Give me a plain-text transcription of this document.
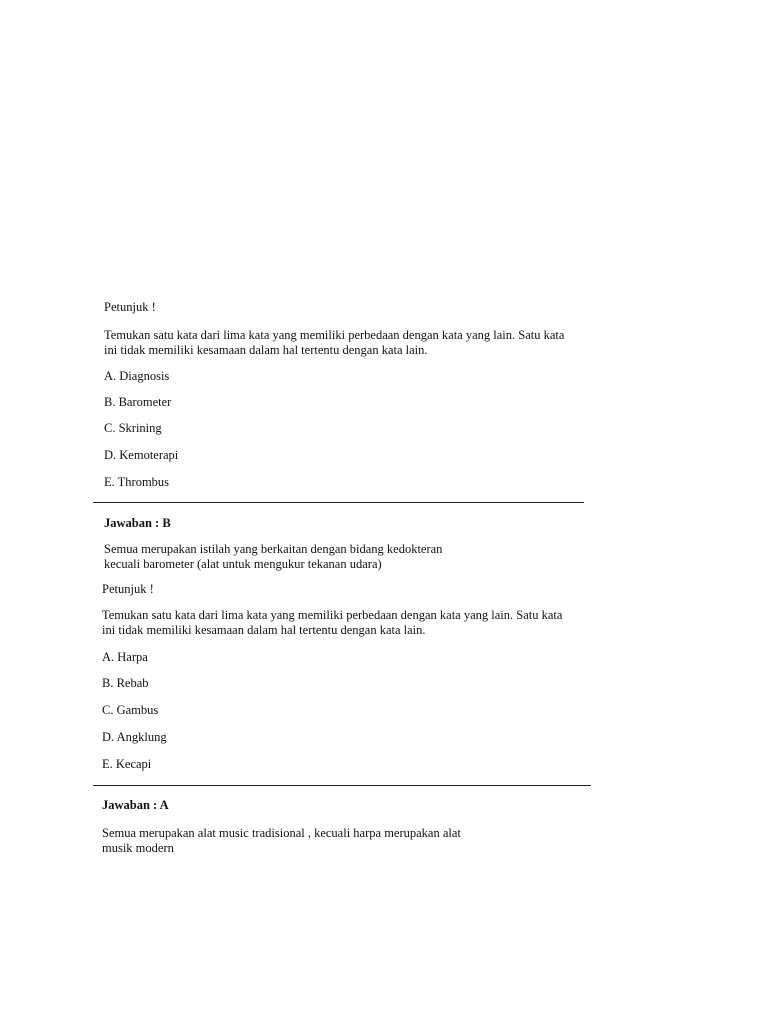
Petunjuk !
Temukan satu kata dari lima kata yang memiliki perbedaan dengan kata yang lain. Satu kata
ini tidak memiliki kesamaan dalam hal tertentu dengan kata lain.
A. Diagnosis
B. Barometer
C. Skrining
D. Kemoterapi
E. Thrombus
Jawaban : B
Semua merupakan istilah yang berkaitan dengan bidang kedokteran
kecuali barometer (alat untuk mengukur tekanan udara)
Petunjuk !
Temukan satu kata dari lima kata yang memiliki perbedaan dengan kata yang lain. Satu kata
ini tidak memiliki kesamaan dalam hal tertentu dengan kata lain.
A. Harpa
B. Rebab
C. Gambus
D. Angklung
E. Kecapi
Jawaban : A
Semua merupakan alat music tradisional , kecuali harpa merupakan alat
musik modern
